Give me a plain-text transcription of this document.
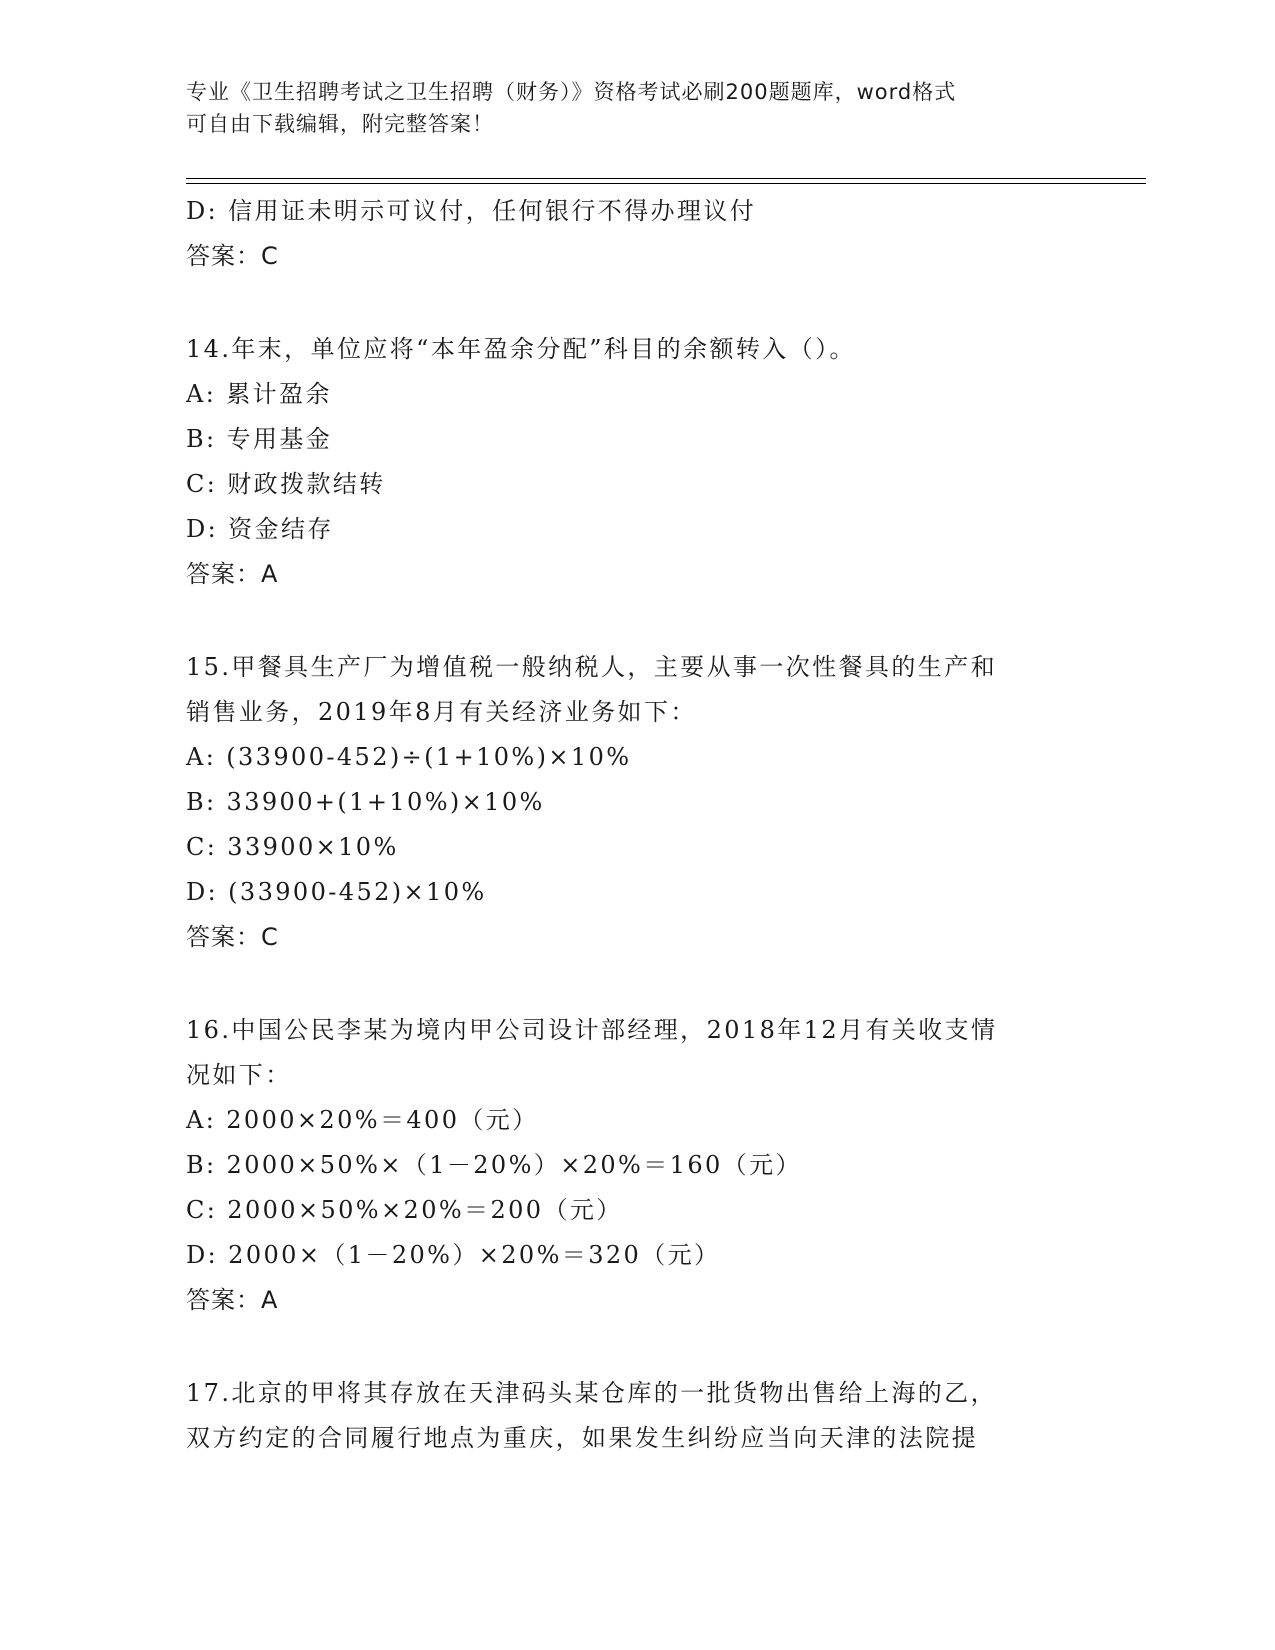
专业《卫生招聘考试之卫生招聘（财务）》资格考试必刷200题题库，word格式
可自由下载编辑，附完整答案！
D: 信用证未明示可议付，任何银行不得办理议付
答案：C
14.年末，单位应将“本年盈余分配”科目的余额转入（）。
A: 累计盈余
B: 专用基金
C: 财政拨款结转
D: 资金结存
答案：A
15.甲餐具生产厂为增值税一般纳税人，主要从事一次性餐具的生产和
销售业务，2019年8月有关经济业务如下：
A: (33900-452)÷(1+10%)×10%
B: 33900+(1+10%)×10%
C: 33900×10%
D: (33900-452)×10%
答案：C
16.中国公民李某为境内甲公司设计部经理，2018年12月有关收支情
况如下：
A: 2000×20%＝400（元）
B: 2000×50%×（1－20%）×20%＝160（元）
C: 2000×50%×20%＝200（元）
D: 2000×（1－20%）×20%＝320（元）
答案：A
17.北京的甲将其存放在天津码头某仓库的一批货物出售给上海的乙，
双方约定的合同履行地点为重庆，如果发生纠纷应当向天津的法院提
